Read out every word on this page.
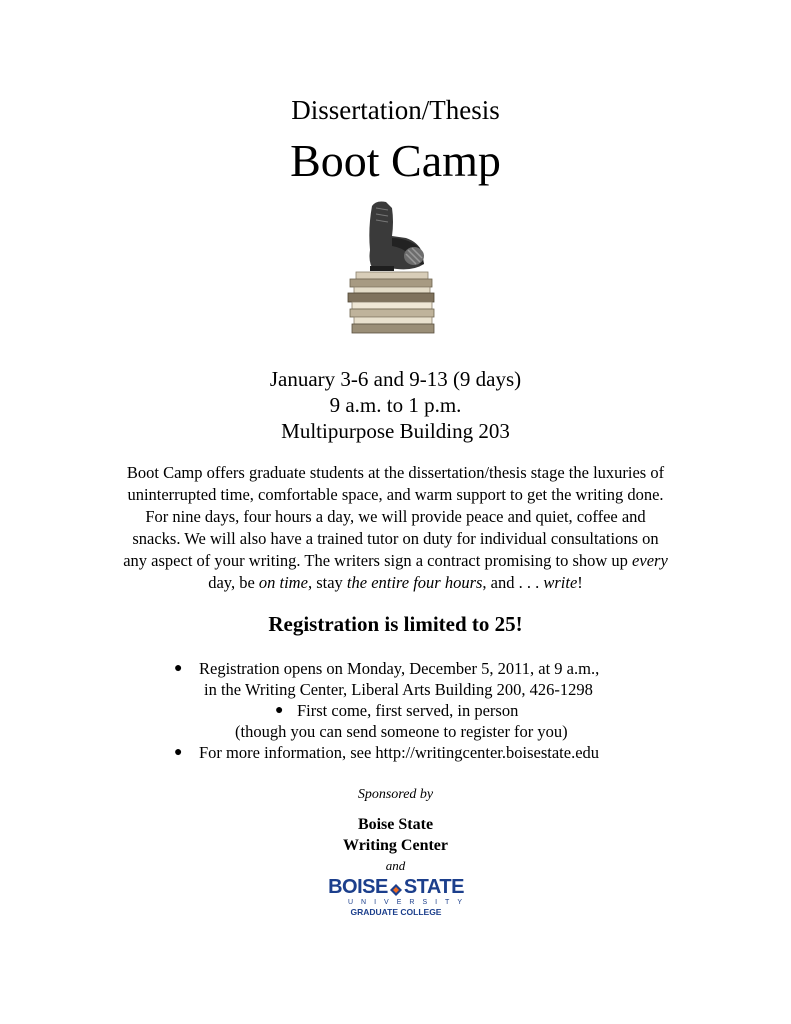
Dissertation/Thesis
Boot Camp
January 3-6 and 9-13 (9 days)
9 a.m. to 1 p.m.
Multipurpose Building 203
Boot Camp offers graduate students at the dissertation/thesis stage the luxuries of
uninterrupted time, comfortable space, and warm support to get the writing done.
For nine days, four hours a day, we will provide peace and quiet, coffee and
snacks. We will also have a trained tutor on duty for individual consultations on
any aspect of your writing. The writers sign a contract promising to show up every
day, be on time, stay the entire four hours, and . . . write!
Registration is limited to 25!
● Registration opens on Monday, December 5, 2011, at 9 a.m.,
in the Writing Center, Liberal Arts Building 200, 426-1298
● First come, first served, in person
(though you can send someone to register for you)
● For more information, see http://writingcenter.boisestate.edu
Sponsored by
Boise State
Writing Center
and
BOISE STATE
UNIVERSITY
GRADUATE COLLEGE
